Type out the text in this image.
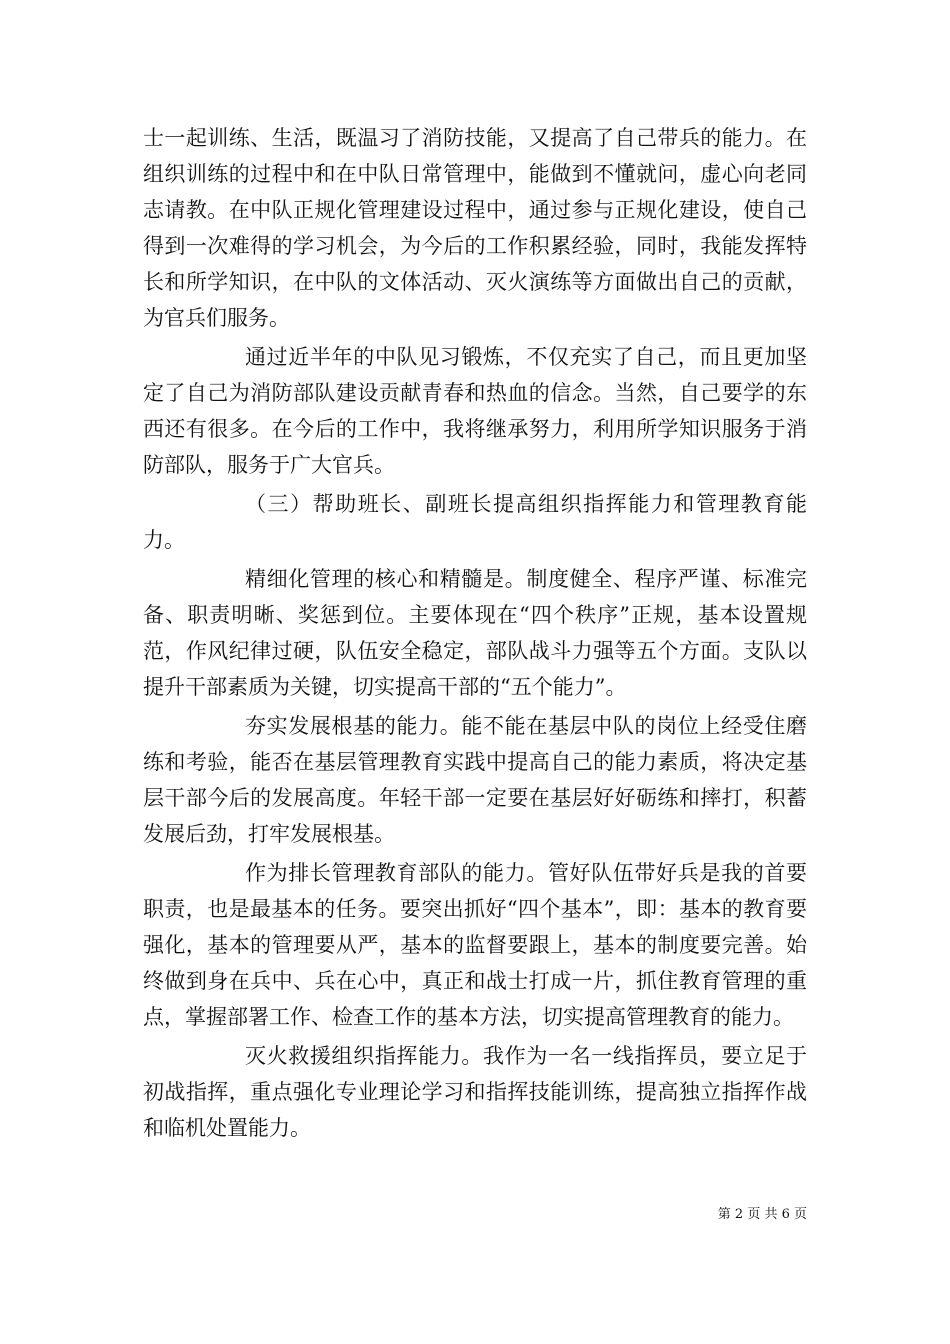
士一起训练、生活，既温习了消防技能，又提高了自己带兵的能力。在组织训练的过程中和在中队日常管理中，能做到不懂就问，虚心向老同志请教。在中队正规化管理建设过程中，通过参与正规化建设，使自己得到一次难得的学习机会，为今后的工作积累经验，同时，我能发挥特长和所学知识，在中队的文体活动、灭火演练等方面做出自己的贡献，为官兵们服务。

通过近半年的中队见习锻炼，不仅充实了自己，而且更加坚定了自己为消防部队建设贡献青春和热血的信念。当然，自己要学的东西还有很多。在今后的工作中，我将继承努力，利用所学知识服务于消防部队，服务于广大官兵。

（三）帮助班长、副班长提高组织指挥能力和管理教育能力。

精细化管理的核心和精髓是。制度健全、程序严谨、标准完备、职责明晰、奖惩到位。主要体现在“四个秩序”正规，基本设置规范，作风纪律过硬，队伍安全稳定，部队战斗力强等五个方面。支队以提升干部素质为关键，切实提高干部的“五个能力”。

夯实发展根基的能力。能不能在基层中队的岗位上经受住磨练和考验，能否在基层管理教育实践中提高自己的能力素质，将决定基层干部今后的发展高度。年轻干部一定要在基层好好砺练和摔打，积蓄发展后劲，打牢发展根基。

作为排长管理教育部队的能力。管好队伍带好兵是我的首要职责，也是最基本的任务。要突出抓好“四个基本”，即：基本的教育要强化，基本的管理要从严，基本的监督要跟上，基本的制度要完善。始终做到身在兵中、兵在心中，真正和战士打成一片，抓住教育管理的重点，掌握部署工作、检查工作的基本方法，切实提高管理教育的能力。

灭火救援组织指挥能力。我作为一名一线指挥员，要立足于初战指挥，重点强化专业理论学习和指挥技能训练，提高独立指挥作战和临机处置能力。

第 2 页 共 6 页
